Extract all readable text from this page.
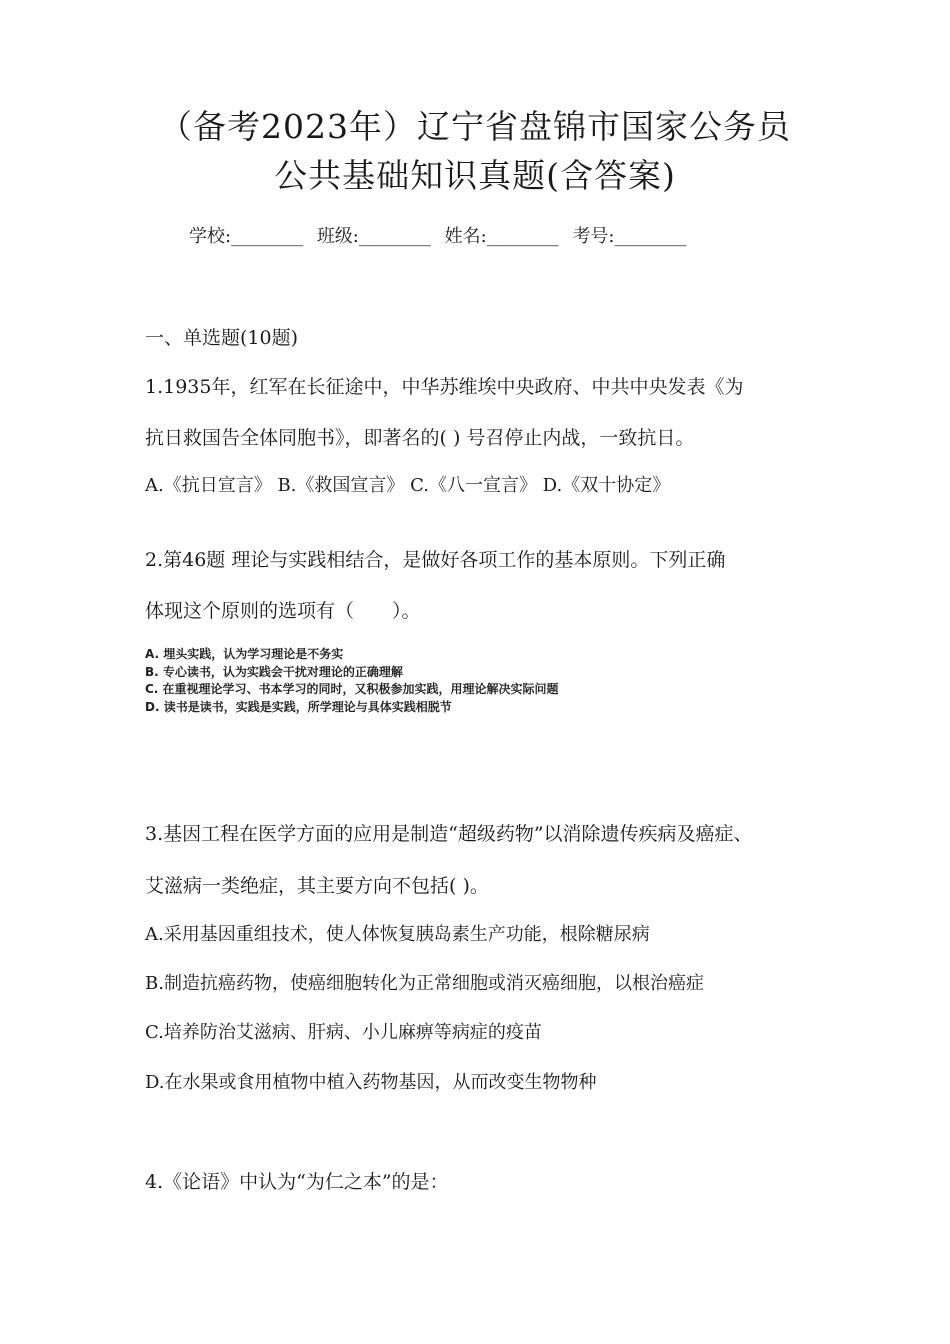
（备考2023年）辽宁省盘锦市国家公务员
公共基础知识真题(含答案)
学校:________ 班级:________ 姓名:________ 考号:________
一、单选题(10题)
1.1935年，红军在长征途中，中华苏维埃中央政府、中共中央发表《为
抗日救国告全体同胞书》，即著名的( ) 号召停止内战，一致抗日。
A.《抗日宣言》 B.《救国宣言》 C.《八一宣言》 D.《双十协定》
2.第46题 理论与实践相结合，是做好各项工作的基本原则。下列正确
体现这个原则的选项有（　　）。
A. 埋头实践，认为学习理论是不务实
B. 专心读书，认为实践会干扰对理论的正确理解
C. 在重视理论学习、书本学习的同时，又积极参加实践，用理论解决实际问题
D. 读书是读书，实践是实践，所学理论与具体实践相脱节
3.基因工程在医学方面的应用是制造“超级药物”以消除遗传疾病及癌症、
艾滋病一类绝症，其主要方向不包括( )。
A.采用基因重组技术，使人体恢复胰岛素生产功能，根除糖尿病
B.制造抗癌药物，使癌细胞转化为正常细胞或消灭癌细胞，以根治癌症
C.培养防治艾滋病、肝病、小儿麻痹等病症的疫苗
D.在水果或食用植物中植入药物基因，从而改变生物物种
4.《论语》中认为“为仁之本”的是：
